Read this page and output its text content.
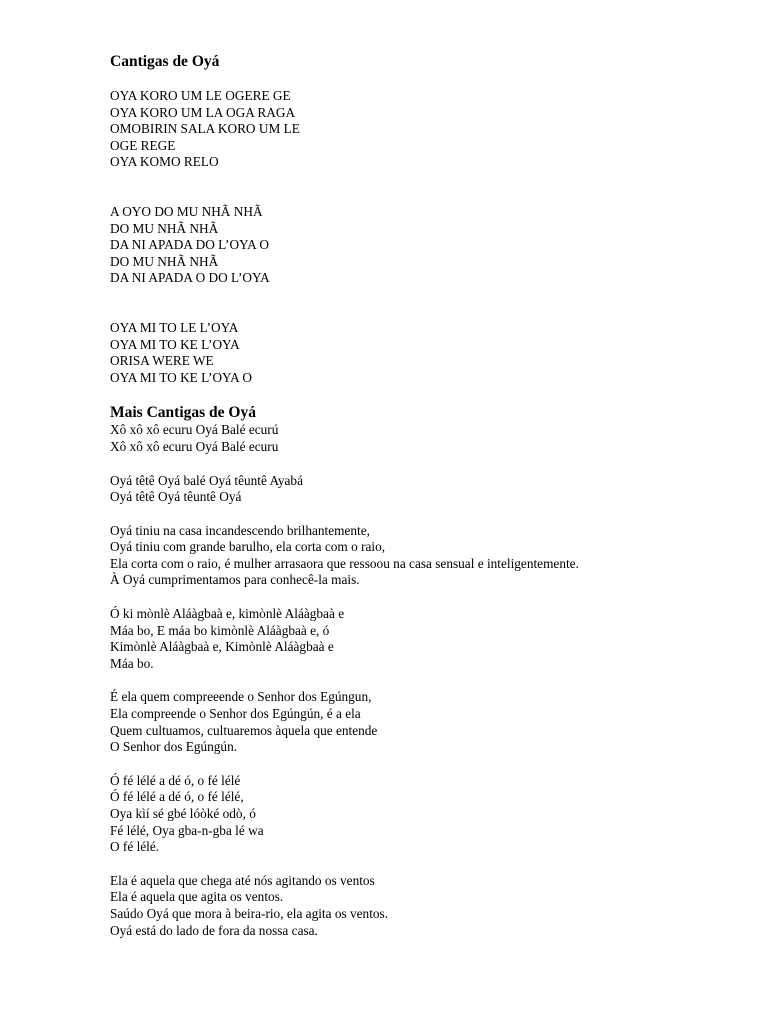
Cantigas de Oyá
OYA KORO UM LE OGERE GE
OYA KORO UM LA OGA RAGA
OMOBIRIN SALA KORO UM LE
OGE REGE
OYA KOMO RELO
A OYO DO MU NHÃ NHÃ
DO MU NHÃ NHÃ
DA NI APADA DO L’OYA O
DO MU NHÃ NHÃ
DA NI APADA O DO L’OYA
OYA MI TO LE L’OYA
OYA MI TO KE L’OYA
ORISA WERE WE
OYA MI TO KE L’OYA O
Mais Cantigas de Oyá
Xô xô xô ecuru Oyá Balé ecurú
Xô xô xô ecuru Oyá Balé ecuru
Oyá têtê Oyá balé Oyá têuntê Ayabá
Oyá têtê Oyá têuntê Oyá
Oyá tiniu na casa incandescendo brilhantemente,
Oyá tiniu com grande barulho, ela corta com o raio,
Ela corta com o raio, é mulher arrasaora que ressoou na casa sensual e inteligentemente.
À Oyá cumprimentamos para conhecê-la mais.
Ó ki mònlè Aláàgbaà e, kimònlè Aláàgbaà e
Máa bo, E máa bo kimònlè Aláàgbaà e, ó
Kimònlè Aláàgbaà e, Kimònlè Aláàgbaà e
Máa bo.
É ela quem compreeende o Senhor dos Egúngun,
Ela compreende o Senhor dos Egúngún, é a ela
Quem cultuamos, cultuaremos àquela que entende
O Senhor dos Egúngún.
Ó fé lélé a dé ó, o fé lélé
Ó fé lélé a dé ó, o fé lélé,
Oya kìí sé gbé lóòké odò, ó
Fé lélé, Oya gba-n-gba lé wa
O fé lélé.
Ela é aquela que chega até nós agitando os ventos
Ela é aquela que agita os ventos.
Saúdo Oyá que mora à beira-rio, ela agita os ventos.
Oyá está do lado de fora da nossa casa.
